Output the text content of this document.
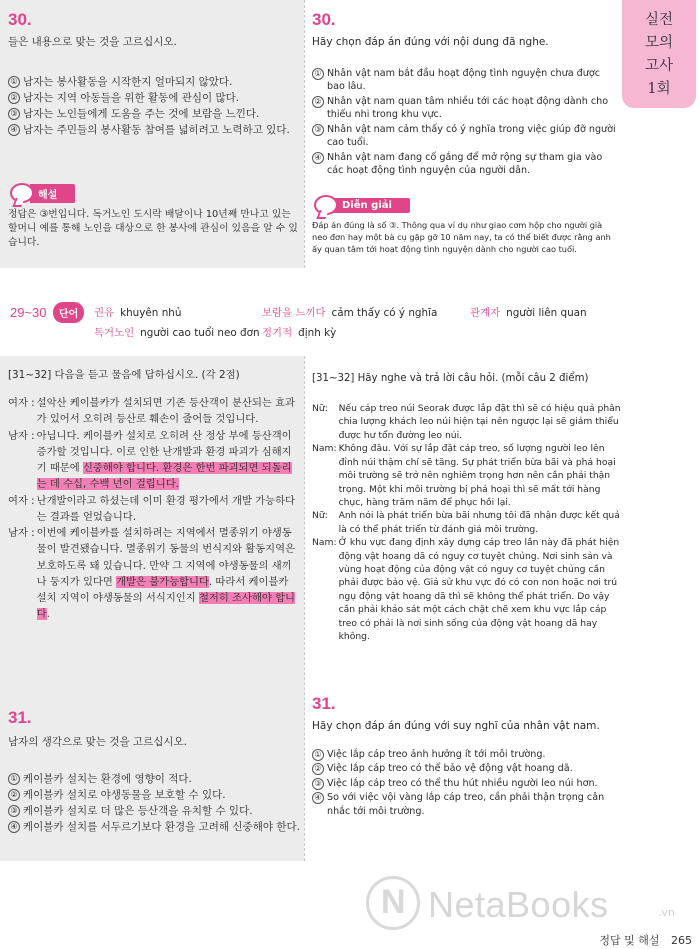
실전
모의
고사
1회
30.
들은 내용으로 맞는 것을 고르십시오.
① 남자는 봉사활동을 시작한지 얼마되지 않았다.
② 남자는 지역 아동들을 위한 활동에 관심이 많다.
③ 남자는 노인들에게 도움을 주는 것에 보람을 느낀다.
④ 남자는 주민들의 봉사활동 참여를 넓히려고 노력하고 있다.
해설
정답은 ③번입니다. 독거노인 도시락 배달이나 10년째 만나고 있는 할머니 예를 통해 노인을 대상으로 한 봉사에 관심이 있음을 알 수 있습니다.
30.
Hãy chọn đáp án đúng với nội dung đã nghe.
① Nhân vật nam bắt đầu hoạt động tình nguyện chưa được bao lâu.
② Nhân vật nam quan tâm nhiều tới các hoạt động dành cho thiếu nhi trong khu vực.
③ Nhân vật nam cảm thấy có ý nghĩa trong việc giúp đỡ người cao tuổi.
④ Nhân vật nam đang cố gắng để mở rộng sự tham gia vào các hoạt động tình nguyện của người dân.
Diễn giải
Đáp án đúng là số ③. Thông qua ví dụ như giao cơm hộp cho người già neo đơn hay một bà cụ gặp gỡ 10 năm nay, ta có thể biết được rằng anh ấy quan tâm tới hoạt động tình nguyện dành cho người cao tuổi.
29~30	단어	권유 khuyên nhủ	보람을 느끼다 cảm thấy có ý nghĩa	관계자 người liên quan
독거노인 người cao tuổi neo đơn 정기적 định kỳ
[31~32] 다음을 듣고 물음에 답하십시오. (각 2점)
여자 : 설악산 케이블카가 설치되면 기존 등산객이 분산되는 효과가 있어서 오히려 등산로 훼손이 줄어들 것입니다.
남자 : 아닙니다. 케이블카 설치로 오히려 산 정상 부에 등산객이 증가할 것입니다. 이로 인한 난개발과 환경 파괴가 심해지기 때문에 신중해야 합니다. 환경은 한번 파괴되면 되돌리는 데 수십, 수백 년이 걸립니다.
여자 : 난개발이라고 하셨는데 이미 환경 평가에서 개발 가능하다는 결과를 얻었습니다.
남자 : 이번에 케이블카를 설치하려는 지역에서 멸종위기 야생동물이 발견됐습니다. 멸종위기 동물의 번식지와 활동지역은 보호하도록 돼 있습니다. 만약 그 지역에 야생동물의 새끼나 둥지가 있다면 개발은 불가능합니다. 따라서 케이블카 설치 지역이 야생동물의 서식지인지 철저히 조사해야 합니다.
[31~32] Hãy nghe và trả lời câu hỏi. (mỗi câu 2 điểm)
Nữ:	Nếu cáp treo núi Seorak được lắp đặt thì sẽ có hiệu quả phân chia lượng khách leo núi hiện tại nên ngược lại sẽ giảm thiểu được hư tổn đường leo núi.
Nam: Không đâu. Với sự lắp đặt cáp treo, số lượng người leo lên đỉnh núi thậm chí sẽ tăng. Sự phát triển bừa bãi và phá hoại môi trường sẽ trở nên nghiêm trọng hơn nên cần phải thận trọng. Một khi môi trường bị phá hoại thì sẽ mất tới hàng chục, hàng trăm năm để phục hồi lại.
Nữ:	Anh nói là phát triển bừa bãi nhưng tôi đã nhận được kết quả là có thể phát triển từ đánh giá môi trường.
Nam: Ở khu vực đang định xây dựng cáp treo lần này đã phát hiện động vật hoang dã có nguy cơ tuyệt chủng. Nơi sinh sản và vùng hoạt động của động vật có nguy cơ tuyệt chủng cần phải được bảo vệ. Giả sử khu vực đó có con non hoặc nơi trú ngụ động vật hoang dã thì sẽ không thể phát triển. Do vậy cần phải khảo sát một cách chặt chẽ xem khu vực lắp cáp treo có phải là nơi sinh sống của động vật hoang dã hay không.
31.
남자의 생각으로 맞는 것을 고르십시오.
① 케이블카 설치는 환경에 영향이 적다.
② 케이블카 설치로 야생동물을 보호할 수 있다.
③ 케이블카 설치로 더 많은 등산객을 유치할 수 있다.
④ 케이블카 설치를 서두르기보다 환경을 고려해 신중해야 한다.
31.
Hãy chọn đáp án đúng với suy nghĩ của nhân vật nam.
① Việc lắp cáp treo ảnh hưởng ít tới môi trường.
② Việc lắp cáp treo có thể bảo vệ động vật hoang dã.
③ Việc lắp cáp treo có thể thu hút nhiều người leo núi hơn.
④ So với việc vội vàng lắp cáp treo, cần phải thận trọng cân nhắc tới môi trường.
N
NetaBooks	.vn
정답 및 해설 265
